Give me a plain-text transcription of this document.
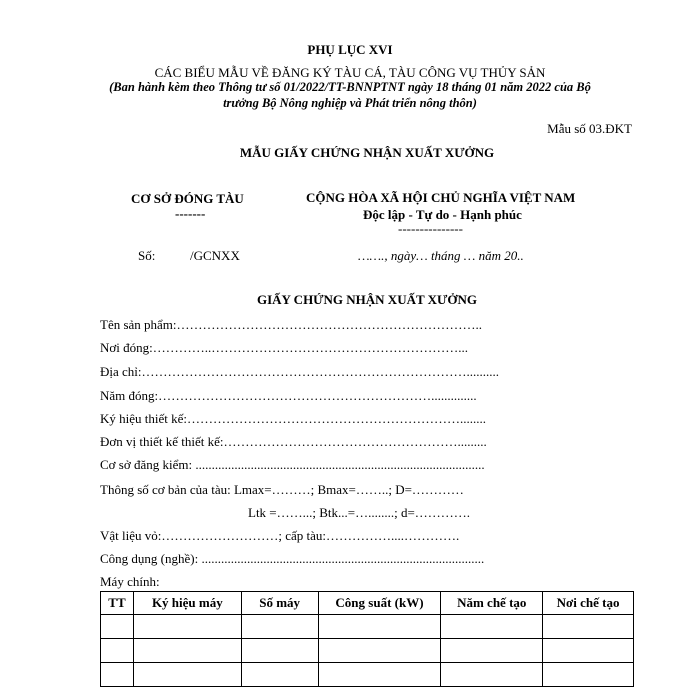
PHỤ LỤC XVI
CÁC BIỂU MẪU VỀ ĐĂNG KÝ TÀU CÁ, TÀU CÔNG VỤ THỦY SẢN
(Ban hành kèm theo Thông tư số 01/2022/TT-BNNPTNT ngày 18 tháng 01 năm 2022 của Bộ
trưởng Bộ Nông nghiệp và Phát triển nông thôn)
Mẫu số 03.ĐKT
MẪU GIẤY CHỨNG NHẬN XUẤT XƯỞNG
CƠ SỞ ĐÓNG TÀU
-------
CỘNG HÒA XÃ HỘI CHỦ NGHĨA VIỆT NAM
Độc lập - Tự do - Hạnh phúc
---------------
Số:	/GCNXX	……., ngày… tháng … năm 20..
GIẤY CHỨNG NHẬN XUẤT XƯỞNG
Tên sản phẩm:……………………………………………………………..
Nơi đóng:…………..…………………………………………………...
Địa chỉ:…………………………………………………………………..........
Năm đóng:………………………………………………………..............
Ký hiệu thiết kế:………………………………………………………........
Đơn vị thiết kế thiết kế:……………………………………………….........
Cơ sở đăng kiểm: .........................................................................................
Thông số cơ bản của tàu: Lmax=………; Bmax=……..; D=…………
Ltk =……...; Btk...=…........; d=………….
Vật liệu vỏ:………………………; cấp tàu:……………....………….
Công dụng (nghề): .......................................................................................
Máy chính:
TT	Ký hiệu máy	Số máy	Công suất (kW)	Năm chế tạo	Nơi chế tạo
